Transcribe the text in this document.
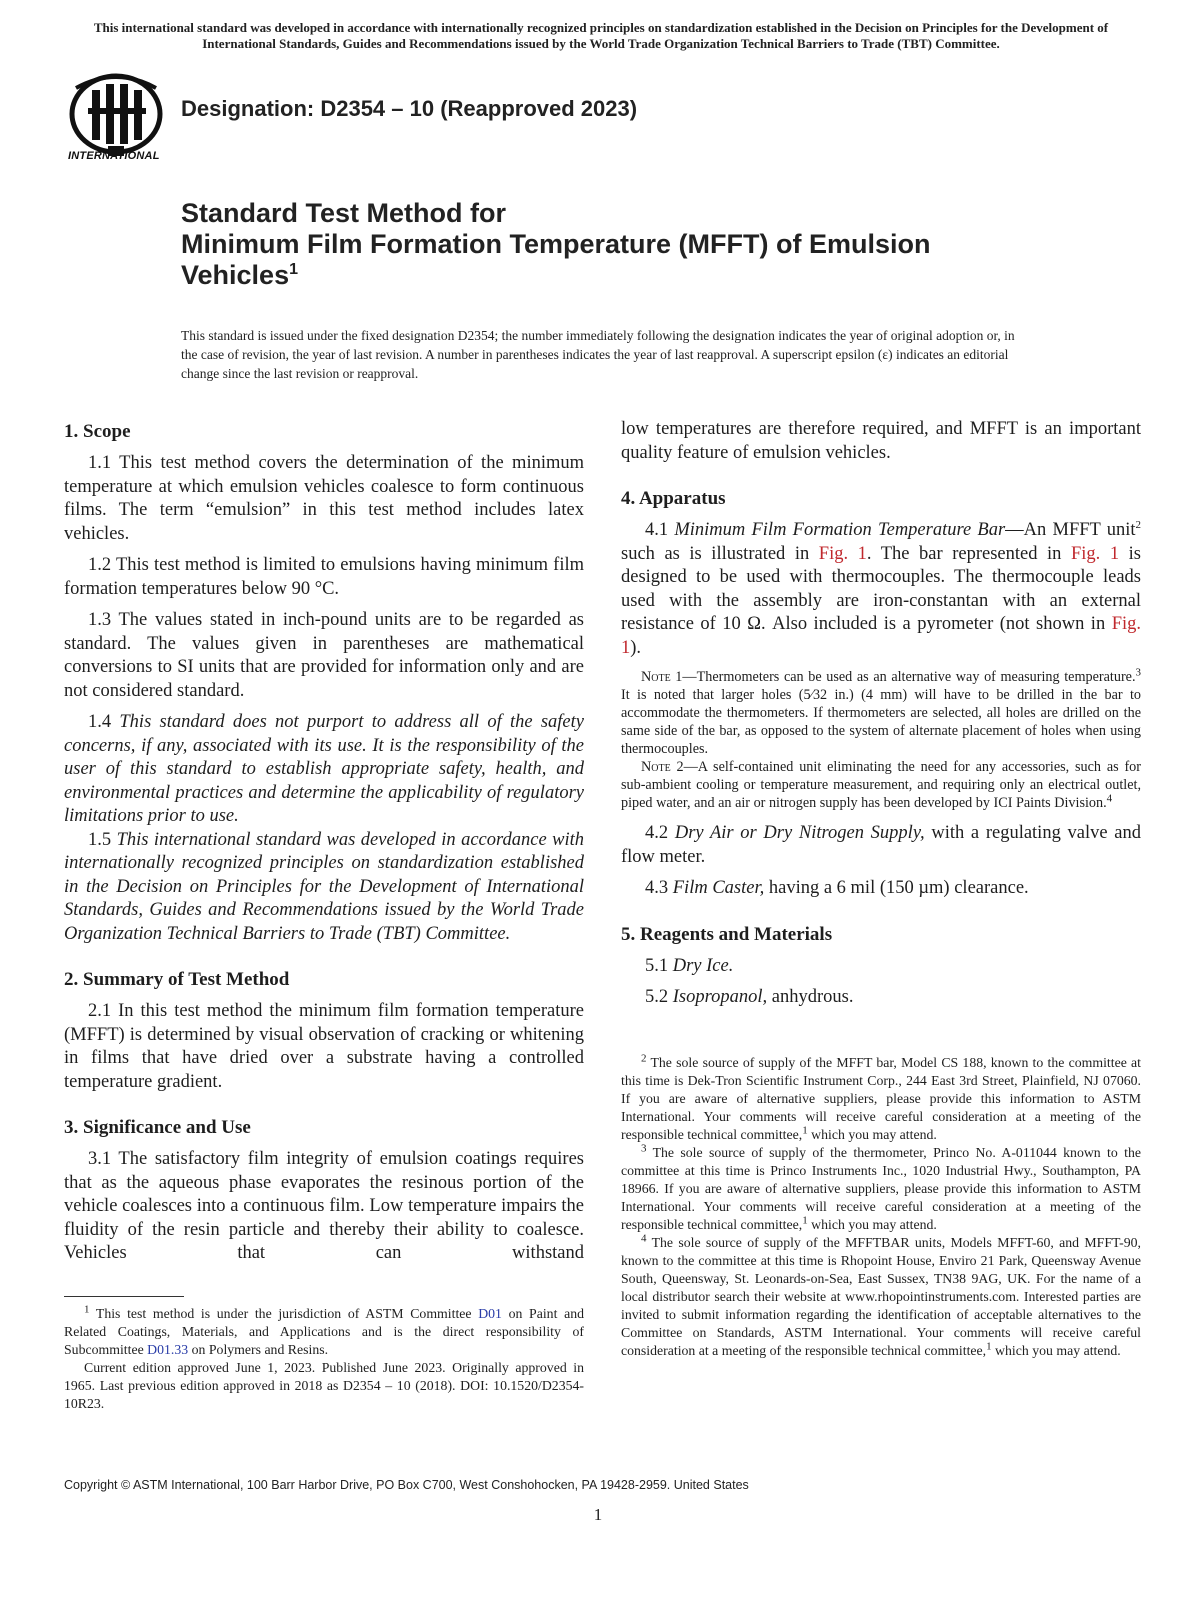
This international standard was developed in accordance with internationally recognized principles on standardization established in the Decision on Principles for the Development of International Standards, Guides and Recommendations issued by the World Trade Organization Technical Barriers to Trade (TBT) Committee.
INTERNATIONAL
Designation: D2354 – 10 (Reapproved 2023)
Standard Test Method for
Minimum Film Formation Temperature (MFFT) of Emulsion
Vehicles$^1$
This standard is issued under the fixed designation D2354; the number immediately following the designation indicates the year of original adoption or, in the case of revision, the year of last revision. A number in parentheses indicates the year of last reapproval. A superscript epsilon (ε) indicates an editorial change since the last revision or reapproval.
1. Scope

1.1 This test method covers the determination of the minimum temperature at which emulsion vehicles coalesce to form continuous films. The term “emulsion” in this test method includes latex vehicles.

1.2 This test method is limited to emulsions having minimum film formation temperatures below 90 °C.

1.3 The values stated in inch-pound units are to be regarded as standard. The values given in parentheses are mathematical conversions to SI units that are provided for information only and are not considered standard.

1.4 This standard does not purport to address all of the safety concerns, if any, associated with its use. It is the responsibility of the user of this standard to establish appropriate safety, health, and environmental practices and determine the applicability of regulatory limitations prior to use.

1.5 This international standard was developed in accordance with internationally recognized principles on standardization established in the Decision on Principles for the Development of International Standards, Guides and Recommendations issued by the World Trade Organization Technical Barriers to Trade (TBT) Committee.

2. Summary of Test Method

2.1 In this test method the minimum film formation temperature (MFFT) is determined by visual observation of cracking or whitening in films that have dried over a substrate having a controlled temperature gradient.

3. Significance and Use

3.1 The satisfactory film integrity of emulsion coatings requires that as the aqueous phase evaporates the resinous portion of the vehicle coalesces into a continuous film. Low temperature impairs the fluidity of the resin particle and thereby their ability to coalesce. Vehicles that can withstand

$^1$ This test method is under the jurisdiction of ASTM Committee D01 on Paint and Related Coatings, Materials, and Applications and is the direct responsibility of Subcommittee D01.33 on Polymers and Resins.

Current edition approved June 1, 2023. Published June 2023. Originally approved in 1965. Last previous edition approved in 2018 as D2354 – 10 (2018). DOI: 10.1520/D2354-10R23.

low temperatures are therefore required, and MFFT is an important quality feature of emulsion vehicles.

4. Apparatus

4.1 Minimum Film Formation Temperature Bar—An MFFT unit$^2$ such as is illustrated in Fig. 1. The bar represented in Fig. 1 is designed to be used with thermocouples. The thermocouple leads used with the assembly are iron-constantan with an external resistance of 10 Ω. Also included is a pyrometer (not shown in Fig. 1).

Note 1—Thermometers can be used as an alternative way of measuring temperature.$^3$ It is noted that larger holes (5⁄32 in.) (4 mm) will have to be drilled in the bar to accommodate the thermometers. If thermometers are selected, all holes are drilled on the same side of the bar, as opposed to the system of alternate placement of holes when using thermocouples.

Note 2—A self-contained unit eliminating the need for any accessories, such as for sub-ambient cooling or temperature measurement, and requiring only an electrical outlet, piped water, and an air or nitrogen supply has been developed by ICI Paints Division.$^4$

4.2 Dry Air or Dry Nitrogen Supply, with a regulating valve and flow meter.

4.3 Film Caster, having a 6 mil (150 µm) clearance.

5. Reagents and Materials

5.1 Dry Ice.

5.2 Isopropanol, anhydrous.

$^2$ The sole source of supply of the MFFT bar, Model CS 188, known to the committee at this time is Dek-Tron Scientific Instrument Corp., 244 East 3rd Street, Plainfield, NJ 07060. If you are aware of alternative suppliers, please provide this information to ASTM International. Your comments will receive careful consideration at a meeting of the responsible technical committee,$^1$ which you may attend.

$^3$ The sole source of supply of the thermometer, Princo No. A-011044 known to the committee at this time is Princo Instruments Inc., 1020 Industrial Hwy., Southampton, PA 18966. If you are aware of alternative suppliers, please provide this information to ASTM International. Your comments will receive careful consideration at a meeting of the responsible technical committee,$^1$ which you may attend.

$^4$ The sole source of supply of the MFFTBAR units, Models MFFT-60, and MFFT-90, known to the committee at this time is Rhopoint House, Enviro 21 Park, Queensway Avenue South, Queensway, St. Leonards-on-Sea, East Sussex, TN38 9AG, UK. For the name of a local distributor search their website at www.rhopointinstruments.com. Interested parties are invited to submit information regarding the identification of acceptable alternatives to the Committee on Standards, ASTM International. Your comments will receive careful consideration at a meeting of the responsible technical committee,$^1$ which you may attend.

Copyright © ASTM International, 100 Barr Harbor Drive, PO Box C700, West Conshohocken, PA 19428-2959. United States
1
